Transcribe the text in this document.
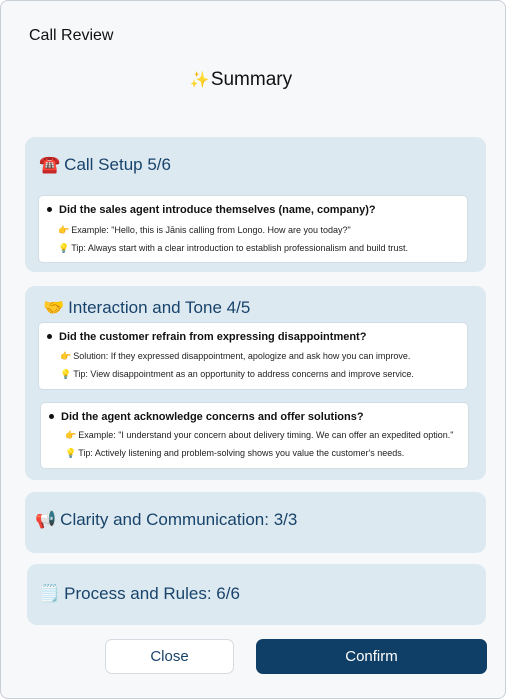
Call Review
✨Summary
☎️ Call Setup 5/6
Did the sales agent introduce themselves (name, company)?
👉 Example: "Hello, this is Jānis calling from Longo. How are you today?"
💡 Tip: Always start with a clear introduction to establish professionalism and build trust.
🤝 Interaction and Tone 4/5
Did the customer refrain from expressing disappointment?
👉 Solution: If they expressed disappointment, apologize and ask how you can improve.
💡 Tip: View disappointment as an opportunity to address concerns and improve service.
Did the agent acknowledge concerns and offer solutions?
👉 Example: "I understand your concern about delivery timing. We can offer an expedited option."
💡 Tip: Actively listening and problem-solving shows you value the customer's needs.
📢 Clarity and Communication: 3/3
🗒️ Process and Rules: 6/6
Close	Confirm
